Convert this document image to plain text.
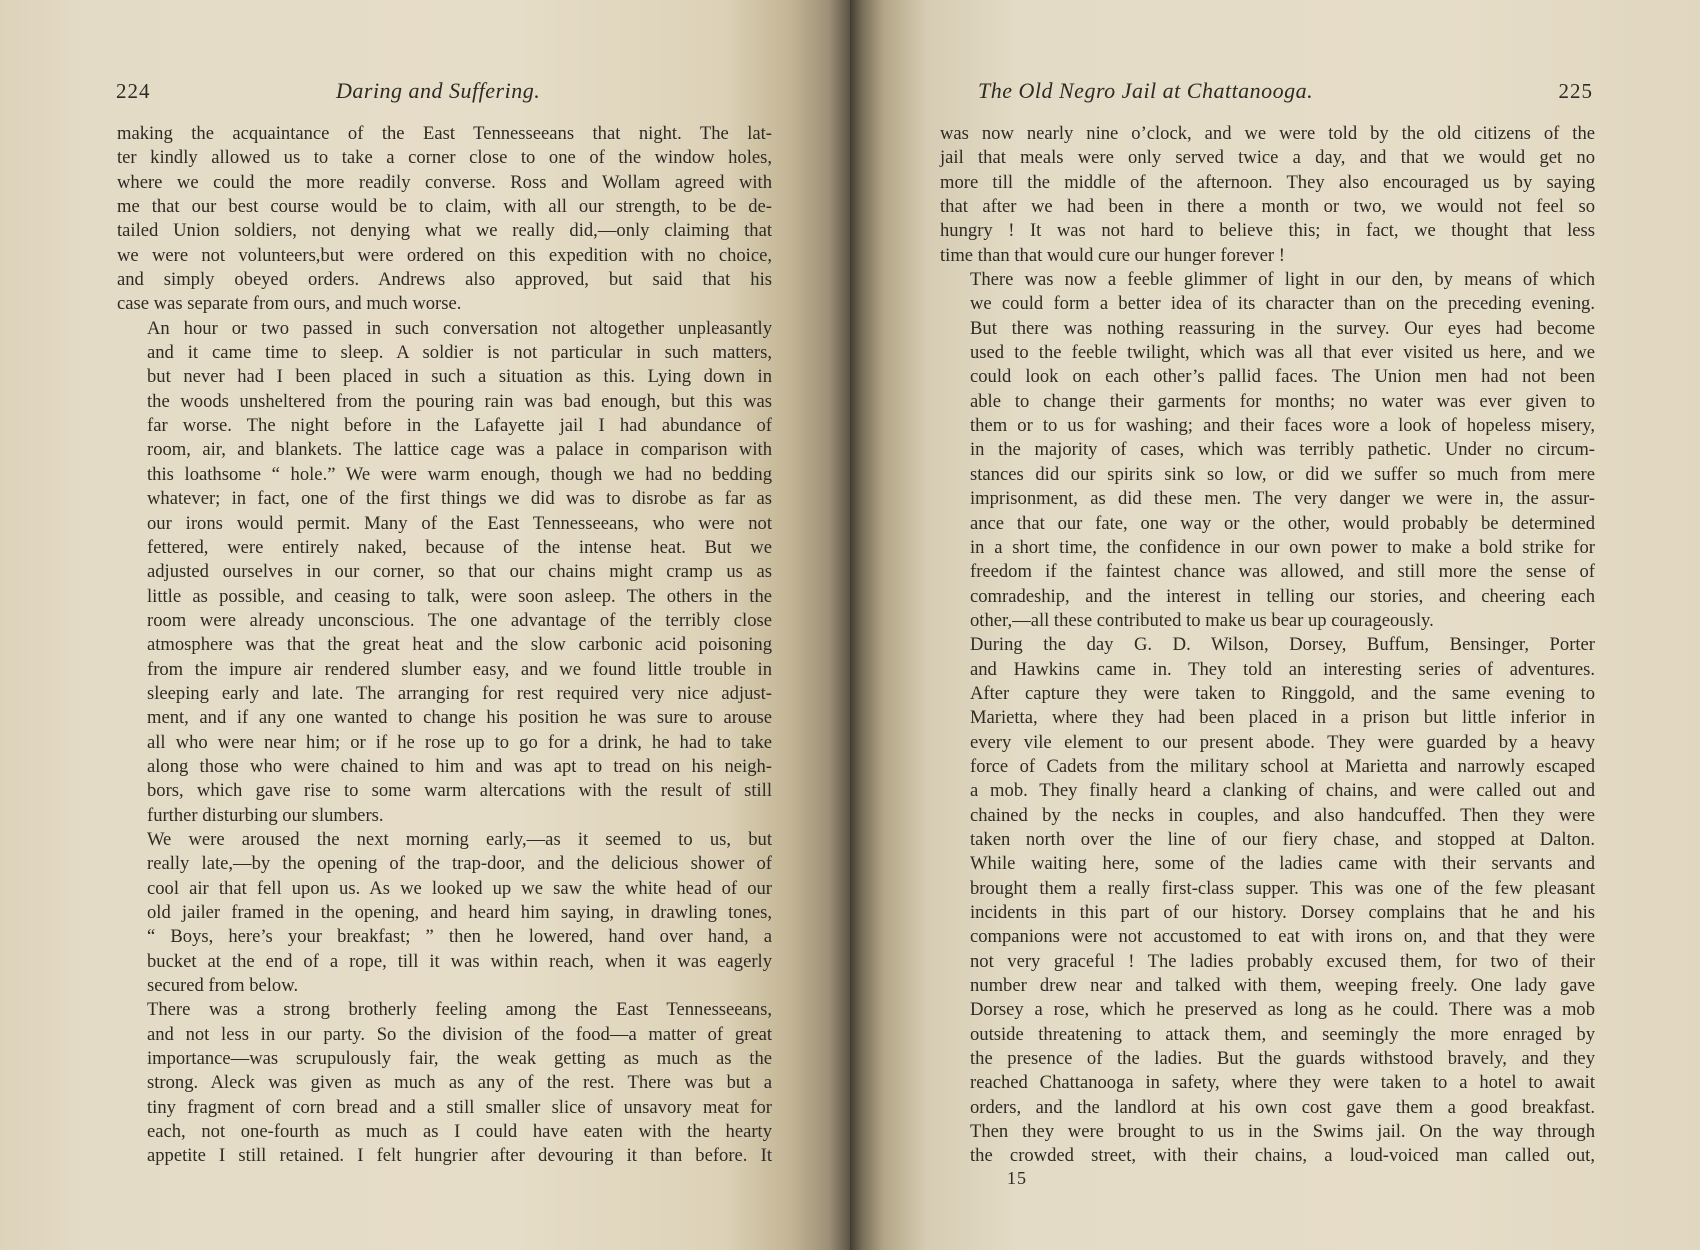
224	Daring and Suffering.

making the acquaintance of the East Tennesseeans that night. The lat-
ter kindly allowed us to take a corner close to one of the window holes,
where we could the more readily converse. Ross and Wollam agreed with
me that our best course would be to claim, with all our strength, to be de-
tailed Union soldiers, not denying what we really did,—only claiming that
we were not volunteers,but were ordered on this expedition with no choice,
and simply obeyed orders. Andrews also approved, but said that his
case was separate from ours, and much worse.

An hour or two passed in such conversation not altogether unpleasantly
and it came time to sleep. A soldier is not particular in such matters,
but never had I been placed in such a situation as this. Lying down in
the woods unsheltered from the pouring rain was bad enough, but this was
far worse. The night before in the Lafayette jail I had abundance of
room, air, and blankets. The lattice cage was a palace in comparison with
this loathsome “ hole.” We were warm enough, though we had no bedding
whatever; in fact, one of the first things we did was to disrobe as far as
our irons would permit. Many of the East Tennesseeans, who were not
fettered, were entirely naked, because of the intense heat. But we
adjusted ourselves in our corner, so that our chains might cramp us as
little as possible, and ceasing to talk, were soon asleep. The others in the
room were already unconscious. The one advantage of the terribly close
atmosphere was that the great heat and the slow carbonic acid poisoning
from the impure air rendered slumber easy, and we found little trouble in
sleeping early and late. The arranging for rest required very nice adjust-
ment, and if any one wanted to change his position he was sure to arouse
all who were near him; or if he rose up to go for a drink, he had to take
along those who were chained to him and was apt to tread on his neigh-
bors, which gave rise to some warm altercations with the result of still
further disturbing our slumbers.

We were aroused the next morning early,—as it seemed to us, but
really late,—by the opening of the trap-door, and the delicious shower of
cool air that fell upon us. As we looked up we saw the white head of our
old jailer framed in the opening, and heard him saying, in drawling tones,
“ Boys, here’s your breakfast; ” then he lowered, hand over hand, a
bucket at the end of a rope, till it was within reach, when it was eagerly
secured from below.

There was a strong brotherly feeling among the East Tennesseeans,
and not less in our party. So the division of the food—a matter of great
importance—was scrupulously fair, the weak getting as much as the
strong. Aleck was given as much as any of the rest. There was but a
tiny fragment of corn bread and a still smaller slice of unsavory meat for
each, not one-fourth as much as I could have eaten with the hearty
appetite I still retained. I felt hungrier after devouring it than before. It

The Old Negro Jail at Chattanooga.	225

was now nearly nine o’clock, and we were told by the old citizens of the
jail that meals were only served twice a day, and that we would get no
more till the middle of the afternoon. They also encouraged us by saying
that after we had been in there a month or two, we would not feel so
hungry ! It was not hard to believe this; in fact, we thought that less
time than that would cure our hunger forever !

There was now a feeble glimmer of light in our den, by means of which
we could form a better idea of its character than on the preceding evening.
But there was nothing reassuring in the survey. Our eyes had become
used to the feeble twilight, which was all that ever visited us here, and we
could look on each other’s pallid faces. The Union men had not been
able to change their garments for months; no water was ever given to
them or to us for washing; and their faces wore a look of hopeless misery,
in the majority of cases, which was terribly pathetic. Under no circum-
stances did our spirits sink so low, or did we suffer so much from mere
imprisonment, as did these men. The very danger we were in, the assur-
ance that our fate, one way or the other, would probably be determined
in a short time, the confidence in our own power to make a bold strike for
freedom if the faintest chance was allowed, and still more the sense of
comradeship, and the interest in telling our stories, and cheering each
other,—all these contributed to make us bear up courageously.

During the day G. D. Wilson, Dorsey, Buffum, Bensinger, Porter
and Hawkins came in. They told an interesting series of adventures.
After capture they were taken to Ringgold, and the same evening to
Marietta, where they had been placed in a prison but little inferior in
every vile element to our present abode. They were guarded by a heavy
force of Cadets from the military school at Marietta and narrowly escaped
a mob. They finally heard a clanking of chains, and were called out and
chained by the necks in couples, and also handcuffed. Then they were
taken north over the line of our fiery chase, and stopped at Dalton.
While waiting here, some of the ladies came with their servants and
brought them a really first-class supper. This was one of the few pleasant
incidents in this part of our history. Dorsey complains that he and his
companions were not accustomed to eat with irons on, and that they were
not very graceful ! The ladies probably excused them, for two of their
number drew near and talked with them, weeping freely. One lady gave
Dorsey a rose, which he preserved as long as he could. There was a mob
outside threatening to attack them, and seemingly the more enraged by
the presence of the ladies. But the guards withstood bravely, and they
reached Chattanooga in safety, where they were taken to a hotel to await
orders, and the landlord at his own cost gave them a good breakfast.
Then they were brought to us in the Swims jail. On the way through
the crowded street, with their chains, a loud-voiced man called out,

15
